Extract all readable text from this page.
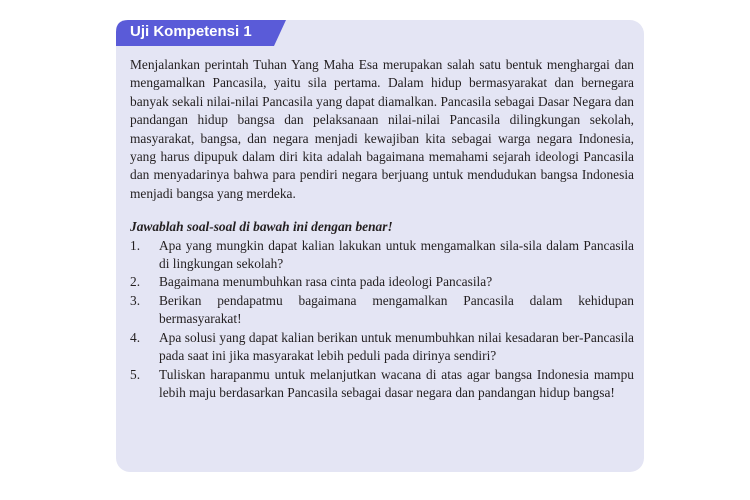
Uji Kompetensi 1

Menjalankan perintah Tuhan Yang Maha Esa merupakan salah satu bentuk menghargai dan mengamalkan Pancasila, yaitu sila pertama. Dalam hidup bermasyarakat dan bernegara banyak sekali nilai-nilai Pancasila yang dapat diamalkan. Pancasila sebagai Dasar Negara dan pandangan hidup bangsa dan pelaksanaan nilai-nilai Pancasila dilingkungan sekolah, masyarakat, bangsa, dan negara menjadi kewajiban kita sebagai warga negara Indonesia, yang harus dipupuk dalam diri kita adalah bagaimana memahami sejarah ideologi Pancasila dan menyadarinya bahwa para pendiri negara berjuang untuk mendudukan bangsa Indonesia menjadi bangsa yang merdeka.

Jawablah soal-soal di bawah ini dengan benar!

1. Apa yang mungkin dapat kalian lakukan untuk mengamalkan sila-sila dalam Pancasila di lingkungan sekolah?
2. Bagaimana menumbuhkan rasa cinta pada ideologi Pancasila?
3. Berikan pendapatmu bagaimana mengamalkan Pancasila dalam kehidupan bermasyarakat!
4. Apa solusi yang dapat kalian berikan untuk menumbuhkan nilai kesadaran ber-Pancasila pada saat ini jika masyarakat lebih peduli pada dirinya sendiri?
5. Tuliskan harapanmu untuk melanjutkan wacana di atas agar bangsa Indonesia mampu lebih maju berdasarkan Pancasila sebagai dasar negara dan pandangan hidup bangsa!
